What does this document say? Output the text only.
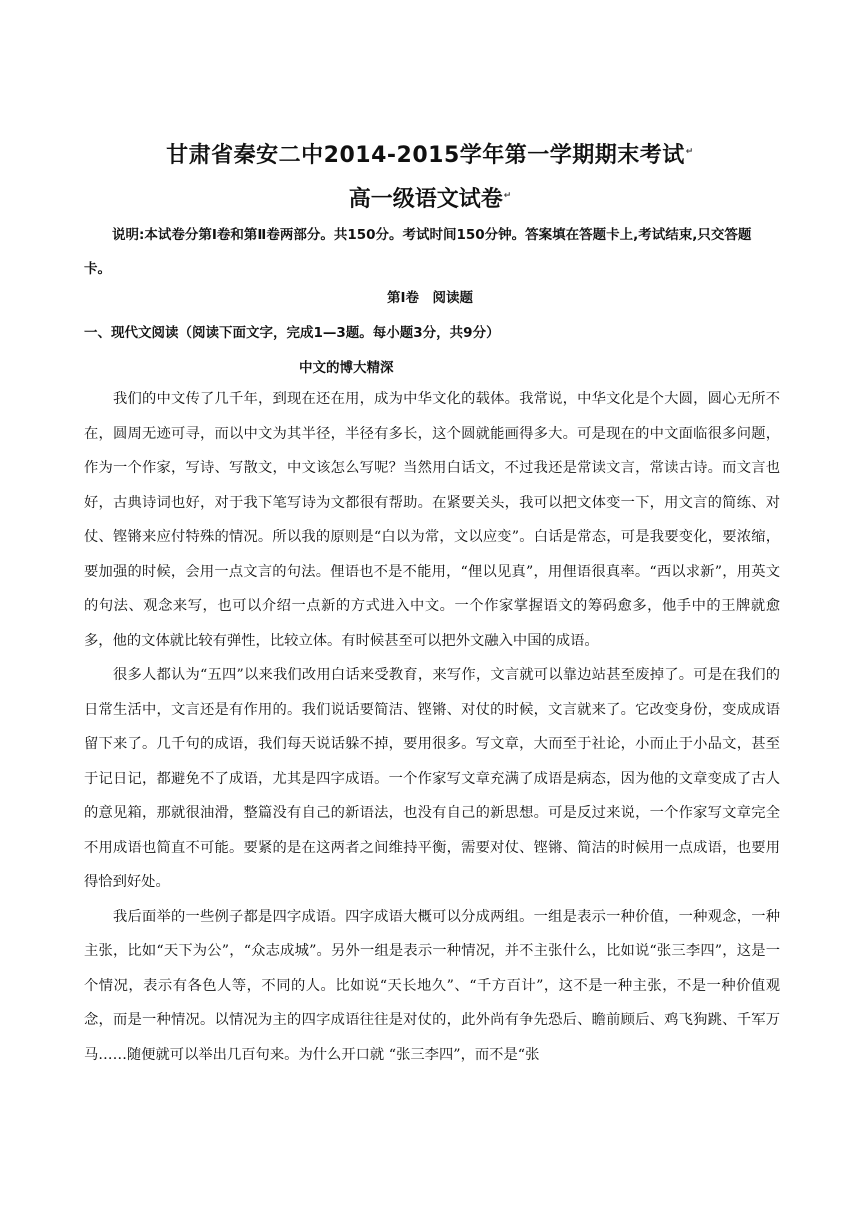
甘肃省秦安二中2014-2015学年第一学期期末考试↵
高一级语文试卷↵
说明:本试卷分第Ⅰ卷和第Ⅱ卷两部分。共150分。考试时间150分钟。答案填在答题卡上,考试结束,只交答题卡。
第Ⅰ卷　阅读题
一、现代文阅读（阅读下面文字，完成1—3题。每小题3分，共9分）
中文的博大精深

我们的中文传了几千年，到现在还在用，成为中华文化的载体。我常说，中华文化是个大圆，圆心无所不在，圆周无迹可寻，而以中文为其半径，半径有多长，这个圆就能画得多大。可是现在的中文面临很多问题，作为一个作家，写诗、写散文，中文该怎么写呢？当然用白话文，不过我还是常读文言，常读古诗。而文言也好，古典诗词也好，对于我下笔写诗为文都很有帮助。在紧要关头，我可以把文体变一下，用文言的简练、对仗、铿锵来应付特殊的情况。所以我的原则是“白以为常，文以应变”。白话是常态，可是我要变化，要浓缩，要加强的时候，会用一点文言的句法。俚语也不是不能用，“俚以见真”，用俚语很真率。“西以求新”，用英文的句法、观念来写，也可以介绍一点新的方式进入中文。一个作家掌握语文的筹码愈多，他手中的王牌就愈多，他的文体就比较有弹性，比较立体。有时候甚至可以把外文融入中国的成语。

很多人都认为“五四”以来我们改用白话来受教育，来写作，文言就可以靠边站甚至废掉了。可是在我们的日常生活中，文言还是有作用的。我们说话要简洁、铿锵、对仗的时候，文言就来了。它改变身份，变成成语留下来了。几千句的成语，我们每天说话躲不掉，要用很多。写文章，大而至于社论，小而止于小品文，甚至于记日记，都避免不了成语，尤其是四字成语。一个作家写文章充满了成语是病态，因为他的文章变成了古人的意见箱，那就很油滑，整篇没有自己的新语法，也没有自己的新思想。可是反过来说，一个作家写文章完全不用成语也简直不可能。要紧的是在这两者之间维持平衡，需要对仗、铿锵、简洁的时候用一点成语，也要用得恰到好处。

我后面举的一些例子都是四字成语。四字成语大概可以分成两组。一组是表示一种价值，一种观念，一种主张，比如“天下为公”，“众志成城”。另外一组是表示一种情况，并不主张什么，比如说“张三李四”，这是一个情况，表示有各色人等，不同的人。比如说“天长地久”、“千方百计”，这不是一种主张，不是一种价值观念，而是一种情况。以情况为主的四字成语往往是对仗的，此外尚有争先恐后、瞻前顾后、鸡飞狗跳、千军万马……随便就可以举出几百句来。为什么开口就 “张三李四”，而不是“张
